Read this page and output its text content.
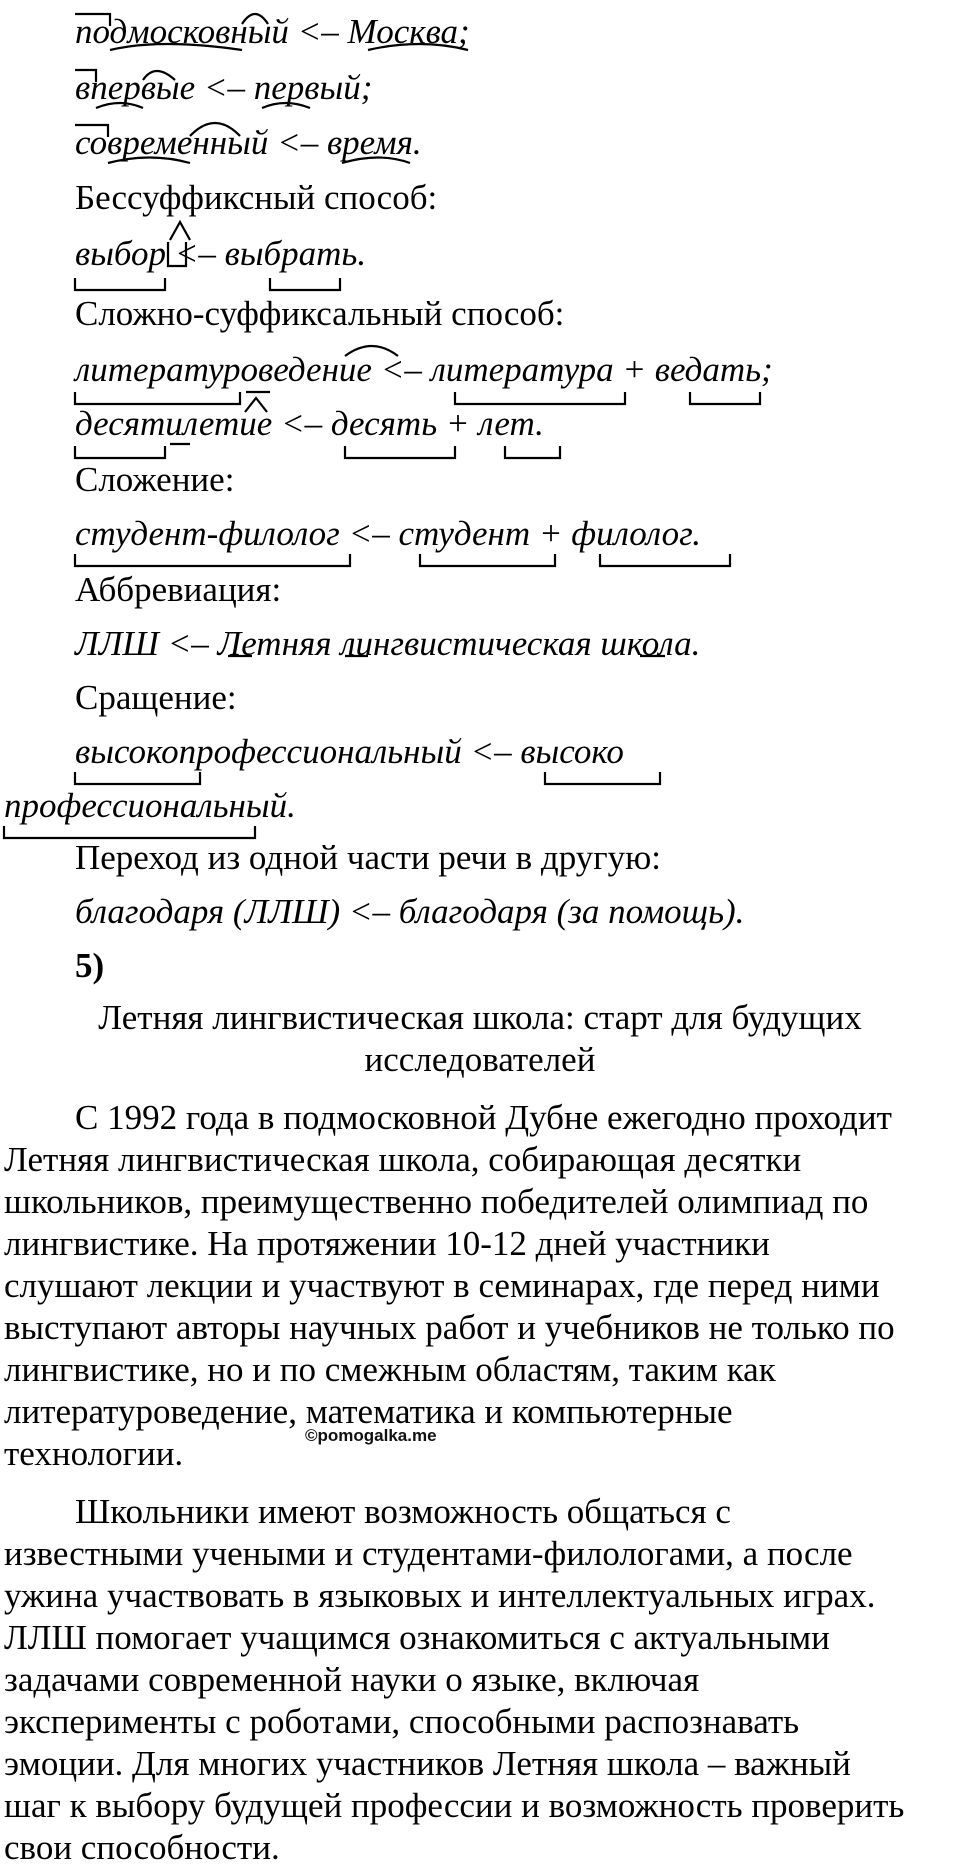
подмосковный <– Москва;
впервые <– первый;
современный <– время.
Бессуффиксный способ:
выбор <– выбрать.
Сложно-суффиксальный способ:
литературоведение <– литература + ведать;
десятилетие <– десять + лет.
Сложение:
студент-филолог <– студент + филолог.
Аббревиация:
ЛЛШ <– Летняя лингвистическая школа.
Сращение:
высокопрофессиональный <– высоко
профессиональный.
Переход из одной части речи в другую:
благодаря (ЛЛШ) <– благодаря (за помощь).
5)
Летняя лингвистическая школа: старт для будущих
исследователей
С 1992 года в подмосковной Дубне ежегодно проходит
Летняя лингвистическая школа, собирающая десятки
школьников, преимущественно победителей олимпиад по
лингвистике. На протяжении 10-12 дней участники
слушают лекции и участвуют в семинарах, где перед ними
выступают авторы научных работ и учебников не только по
лингвистике, но и по смежным областям, таким как
литературоведение, математика и компьютерные
технологии.	©pomogalka.me
Школьники имеют возможность общаться с
известными учеными и студентами-филологами, а после
ужина участвовать в языковых и интеллектуальных играх.
ЛЛШ помогает учащимся ознакомиться с актуальными
задачами современной науки о языке, включая
эксперименты с роботами, способными распознавать
эмоции. Для многих участников Летняя школа – важный
шаг к выбору будущей профессии и возможность проверить
свои способности.
